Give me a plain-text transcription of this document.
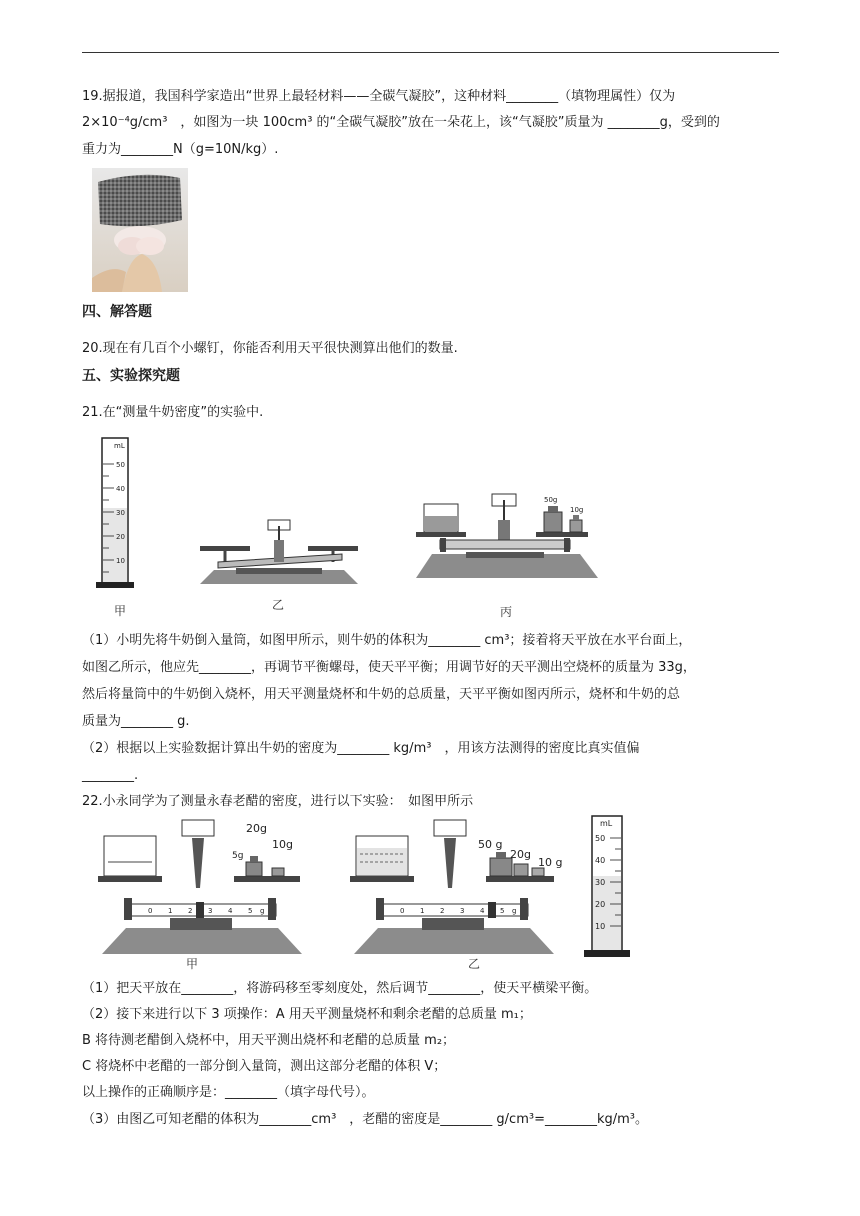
19.据报道，我国科学家造出“世界上最轻材料——全碳气凝胶”，这种材料________（填物理属性）仅为
2×10⁻⁴g/cm³　，如图为一块 100cm³ 的“全碳气凝胶”放在一朵花上，该“气凝胶”质量为 ________g，受到的
重力为________N（g=10N/kg）.
四、解答题
20.现在有几百个小螺钉，你能否利用天平很快测算出他们的数量.
五、实验探究题
21.在“测量牛奶密度”的实验中.
mL
50
40
30
20
10
甲	乙
50g
10g
丙
（1）小明先将牛奶倒入量筒，如图甲所示，则牛奶的体积为________ cm³；接着将天平放在水平台面上，
如图乙所示，他应先________，再调节平衡螺母，使天平平衡；用调节好的天平测出空烧杯的质量为 33g，
然后将量筒中的牛奶倒入烧杯，用天平测量烧杯和牛奶的总质量，天平平衡如图丙所示，烧杯和牛奶的总
质量为________ g.
（2）根据以上实验数据计算出牛奶的密度为________ kg/m³　，用该方法测得的密度比真实值偏
________.
22.小永同学为了测量永春老醋的密度，进行以下实验：　如图甲所示
20g
5g
10g
0 1 2 3 4 5 g
甲
50 g
20g
10 g
0 1 2 3 4 5 g
乙
mL
50
40
30
20
10
（1）把天平放在________，将游码移至零刻度处，然后调节________，使天平横梁平衡。
（2）接下来进行以下 3 项操作：A 用天平测量烧杯和剩余老醋的总质量 m₁；
B 将待测老醋倒入烧杯中，用天平测出烧杯和老醋的总质量 m₂；
C 将烧杯中老醋的一部分倒入量筒，测出这部分老醋的体积 V；
以上操作的正确顺序是：________（填字母代号）。
（3）由图乙可知老醋的体积为________cm³　，老醋的密度是________ g/cm³=________kg/m³。
